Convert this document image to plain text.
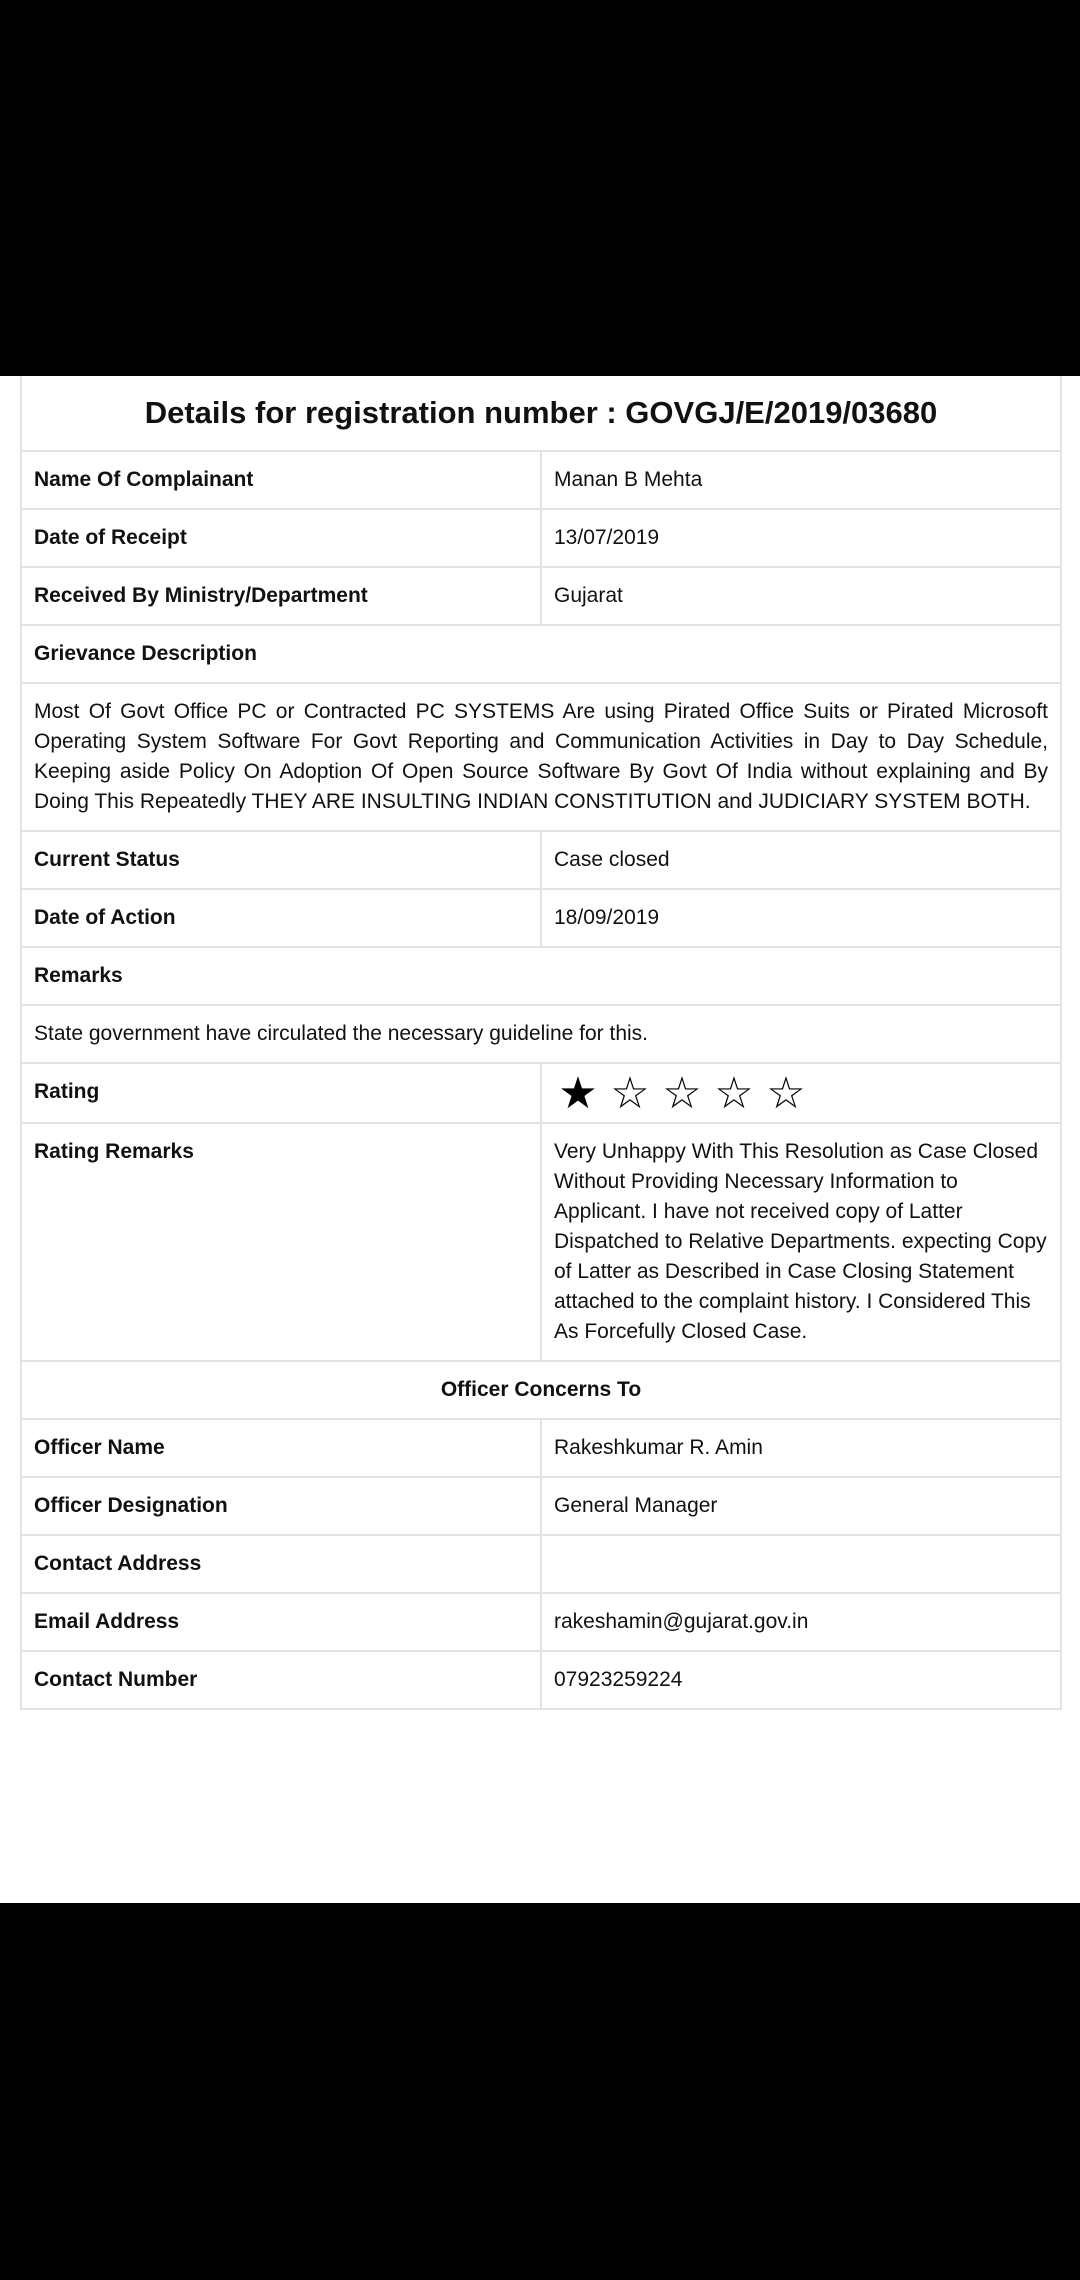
Details for registration number : GOVGJ/E/2019/03680	
Name Of Complainant	Manan B Mehta
Date of Receipt	13/07/2019
Received By Ministry/Department	Gujarat
Grievance Description	
Most Of Govt Office PC or Contracted PC SYSTEMS Are using Pirated Office Suits or Pirated Microsoft Operating System Software For Govt Reporting and Communication Activities in Day to Day Schedule, Keeping aside Policy On Adoption Of Open Source Software By Govt Of India without explaining and By Doing This Repeatedly THEY ARE INSULTING INDIAN CONSTITUTION and JUDICIARY SYSTEM BOTH.	
Current Status	Case closed
Date of Action	18/09/2019
Remarks	
State government have circulated the necessary guideline for this.	
Rating	★ ☆ ☆ ☆ ☆
Rating Remarks	Very Unhappy With This Resolution as Case Closed Without Providing Necessary Information to Applicant. I have not received copy of Latter Dispatched to Relative Departments. expecting Copy of Latter as Described in Case Closing Statement attached to the complaint history. I Considered This As Forcefully Closed Case.
Officer Concerns To	
Officer Name	Rakeshkumar R. Amin
Officer Designation	General Manager
Contact Address	
Email Address	rakeshamin@gujarat.gov.in
Contact Number	07923259224
